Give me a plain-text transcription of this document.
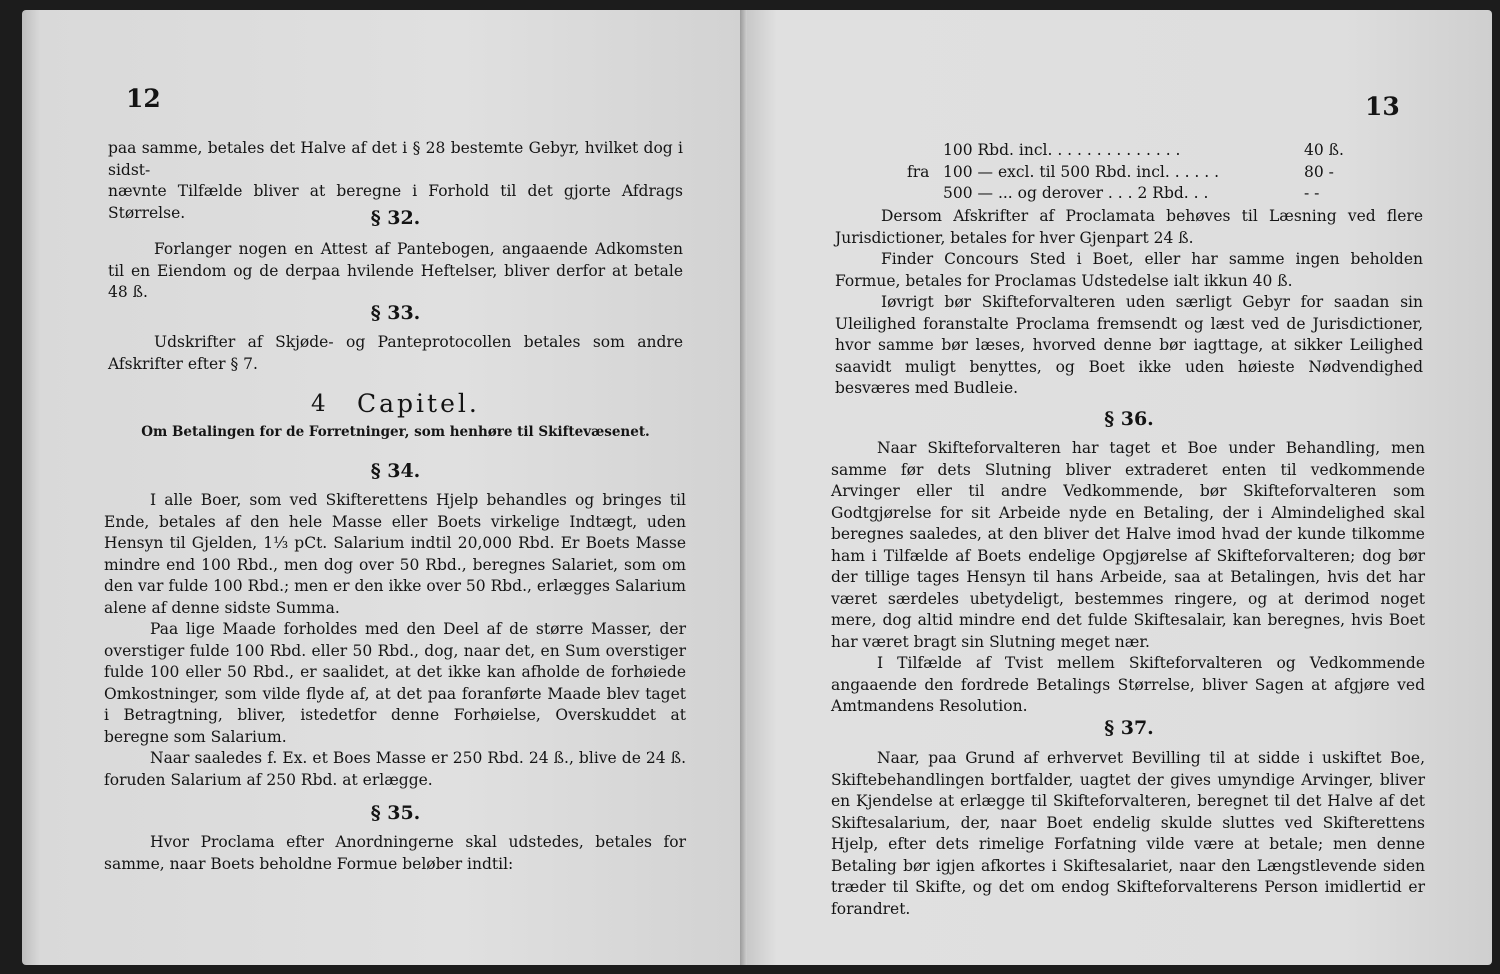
12

paa samme, betales det Halve af det i § 28 bestemte Gebyr, hvilket dog i sidst-

nævnte Tilfælde bliver at beregne i Forhold til det gjorte Afdrags Størrelse.	§ 32.
Forlanger nogen en Attest af Pantebogen, angaaende Adkomsten til en Eiendom og de derpaa hvilende Heftelser, bliver derfor at betale 48 ß.
§ 33.
Udskrifter af Skjøde- og Panteprotocollen betales som andre Afskrifter efter § 7.
4 Capitel.
Om Betalingen for de Forretninger, som henhøre til Skiftevæsenet.
§ 34.

I alle Boer, som ved Skifterettens Hjelp behandles og bringes til Ende, betales af den hele Masse eller Boets virkelige Indtægt, uden Hensyn til Gjelden, 1⅓ pCt. Salarium indtil 20,000 Rbd. Er Boets Masse mindre end 100 Rbd., men dog over 50 Rbd., beregnes Salariet, som om den var fulde 100 Rbd.; men er den ikke over 50 Rbd., erlægges Salarium alene af denne sidste Summa.

Paa lige Maade forholdes med den Deel af de større Masser, der overstiger fulde 100 Rbd. eller 50 Rbd., dog, naar det, en Sum overstiger fulde 100 eller 50 Rbd., er saalidet, at det ikke kan afholde de forhøiede Omkostninger, som vilde flyde af, at det paa foranførte Maade blev taget i Betragtning, bliver, istedetfor denne Forhøielse, Overskuddet at beregne som Salarium.

Naar saaledes f. Ex. et Boes Masse er 250 Rbd. 24 ß., blive de 24 ß. foruden Salarium af 250 Rbd. at erlægge.

§ 35.
Hvor Proclama efter Anordningerne skal udstedes, betales for samme, naar Boets beholdne Formue beløber indtil:
13
100 Rbd. incl. . . . . . . . . . . . . .	40 ß.
fra 100 — excl. til 500 Rbd. incl. . . . . .	80 -
500 — ... og derover . . . 2 Rbd. . .	- -

Dersom Afskrifter af Proclamata behøves til Læsning ved flere Jurisdictioner, betales for hver Gjenpart 24 ß.

Finder Concours Sted i Boet, eller har samme ingen beholden Formue, betales for Proclamas Udstedelse ialt ikkun 40 ß.

Iøvrigt bør Skifteforvalteren uden særligt Gebyr for saadan sin Uleilighed foranstalte Proclama fremsendt og læst ved de Jurisdictioner, hvor samme bør læses, hvorved denne bør iagttage, at sikker Leilighed saavidt muligt benyttes, og Boet ikke uden høieste Nødvendighed besværes med Budleie.

§ 36.

Naar Skifteforvalteren har taget et Boe under Behandling, men samme før dets Slutning bliver extraderet enten til vedkommende Arvinger eller til andre Vedkommende, bør Skifteforvalteren som Godtgjørelse for sit Arbeide nyde en Betaling, der i Almindelighed skal beregnes saaledes, at den bliver det Halve imod hvad der kunde tilkomme ham i Tilfælde af Boets endelige Opgjørelse af Skifteforvalteren; dog bør der tillige tages Hensyn til hans Arbeide, saa at Betalingen, hvis det har været særdeles ubetydeligt, bestemmes ringere, og at derimod noget mere, dog altid mindre end det fulde Skiftesalair, kan beregnes, hvis Boet har været bragt sin Slutning meget nær.

I Tilfælde af Tvist mellem Skifteforvalteren og Vedkommende angaaende den fordrede Betalings Størrelse, bliver Sagen at afgjøre ved Amtmandens Resolution.

§ 37.
Naar, paa Grund af erhvervet Bevilling til at sidde i uskiftet Boe, Skiftebehandlingen bortfalder, uagtet der gives umyndige Arvinger, bliver en Kjendelse at erlægge til Skifteforvalteren, beregnet til det Halve af det Skiftesalarium, der, naar Boet endelig skulde sluttes ved Skifterettens Hjelp, efter dets rimelige Forfatning vilde være at betale; men denne Betaling bør igjen afkortes i Skiftesalariet, naar den Længstlevende siden træder til Skifte, og det om endog Skifteforvalterens Person imidlertid er forandret.
